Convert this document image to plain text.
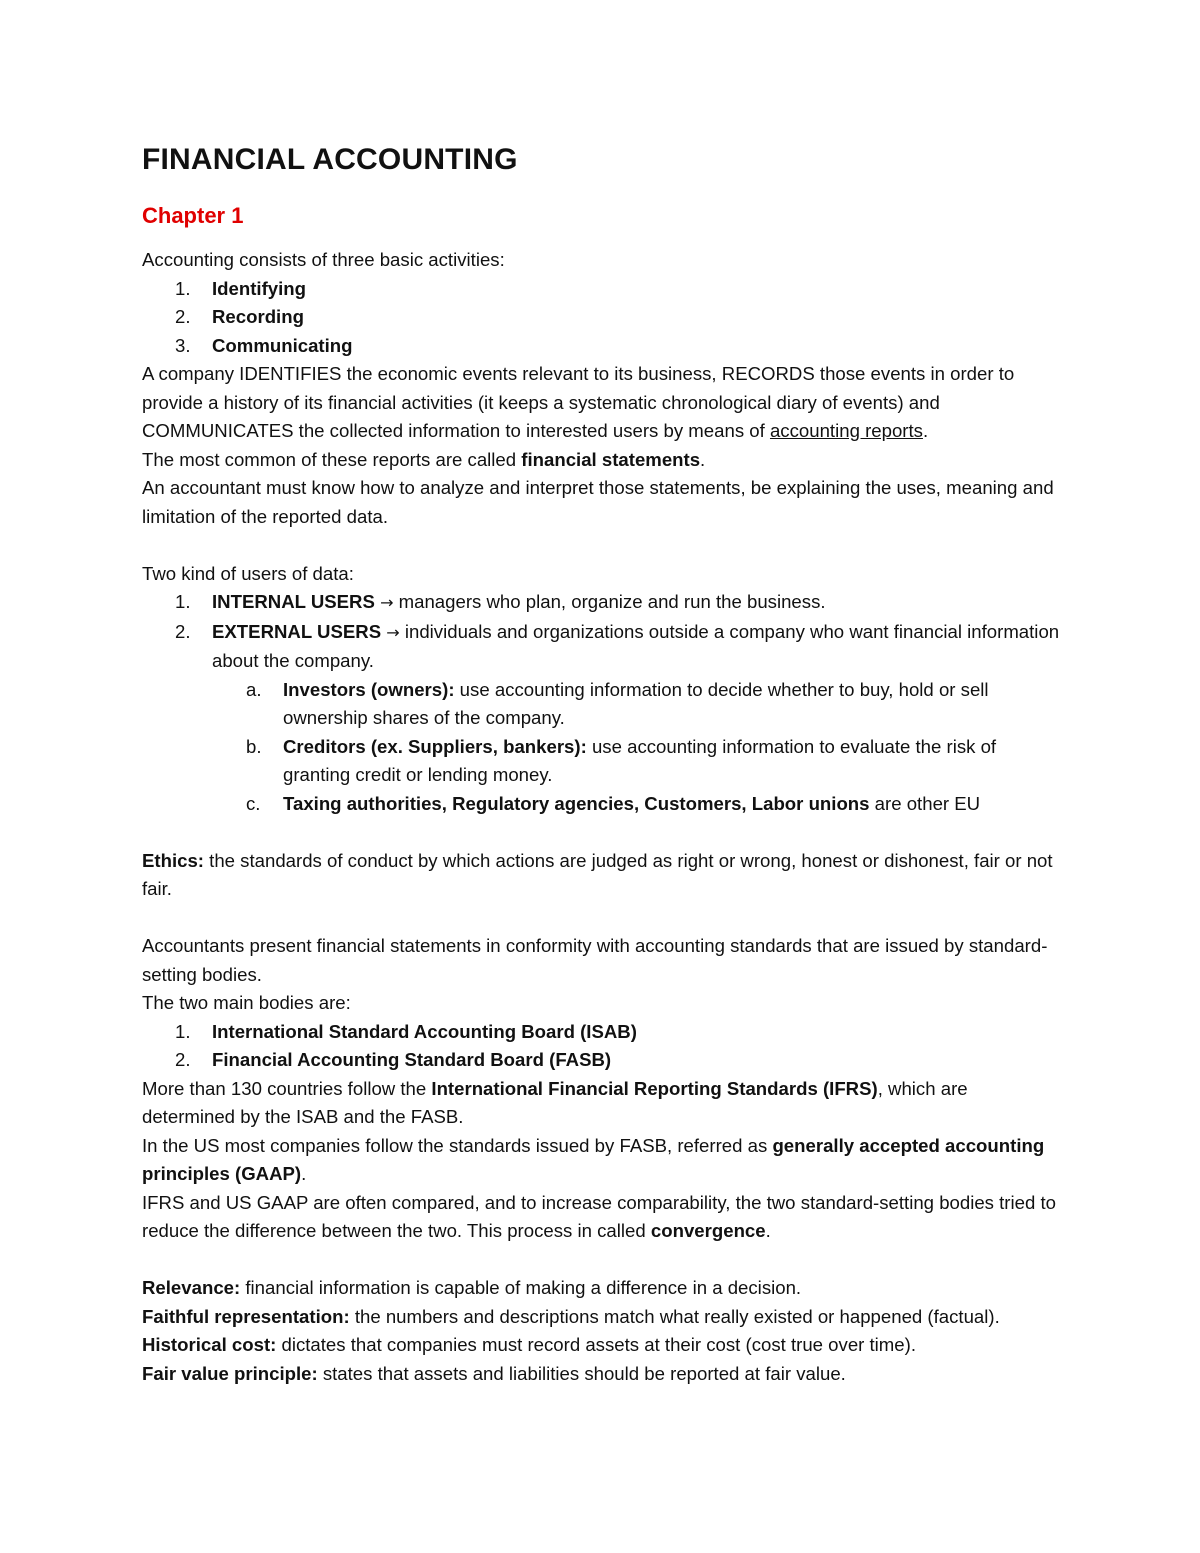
FINANCIAL ACCOUNTING
Chapter 1

Accounting consists of three basic activities:

1. Identifying
2. Recording
3. Communicating

A company IDENTIFIES the economic events relevant to its business, RECORDS those events in order to provide a history of its financial activities (it keeps a systematic chronological diary of events) and COMMUNICATES the collected information to interested users by means of accounting reports.

The most common of these reports are called financial statements.

An accountant must know how to analyze and interpret those statements, be explaining the uses, meaning and limitation of the reported data.

Two kind of users of data:

1. INTERNAL USERS → managers who plan, organize and run the business.
2. EXTERNAL USERS → individuals and organizations outside a company who want financial information about the company.
a. Investors (owners): use accounting information to decide whether to buy, hold or sell ownership shares of the company.
b. Creditors (ex. Suppliers, bankers): use accounting information to evaluate the risk of granting credit or lending money.
c. Taxing authorities, Regulatory agencies, Customers, Labor unions are other EU

Ethics: the standards of conduct by which actions are judged as right or wrong, honest or dishonest, fair or not fair.

Accountants present financial statements in conformity with accounting standards that are issued by standard-setting bodies.

The two main bodies are:

1. International Standard Accounting Board (ISAB)
2. Financial Accounting Standard Board (FASB)

More than 130 countries follow the International Financial Reporting Standards (IFRS), which are determined by the ISAB and the FASB.

In the US most companies follow the standards issued by FASB, referred as generally accepted accounting principles (GAAP).

IFRS and US GAAP are often compared, and to increase comparability, the two standard-setting bodies tried to reduce the difference between the two. This process in called convergence.

Relevance: financial information is capable of making a difference in a decision.

Faithful representation: the numbers and descriptions match what really existed or happened (factual).

Historical cost: dictates that companies must record assets at their cost (cost true over time).

Fair value principle: states that assets and liabilities should be reported at fair value.
